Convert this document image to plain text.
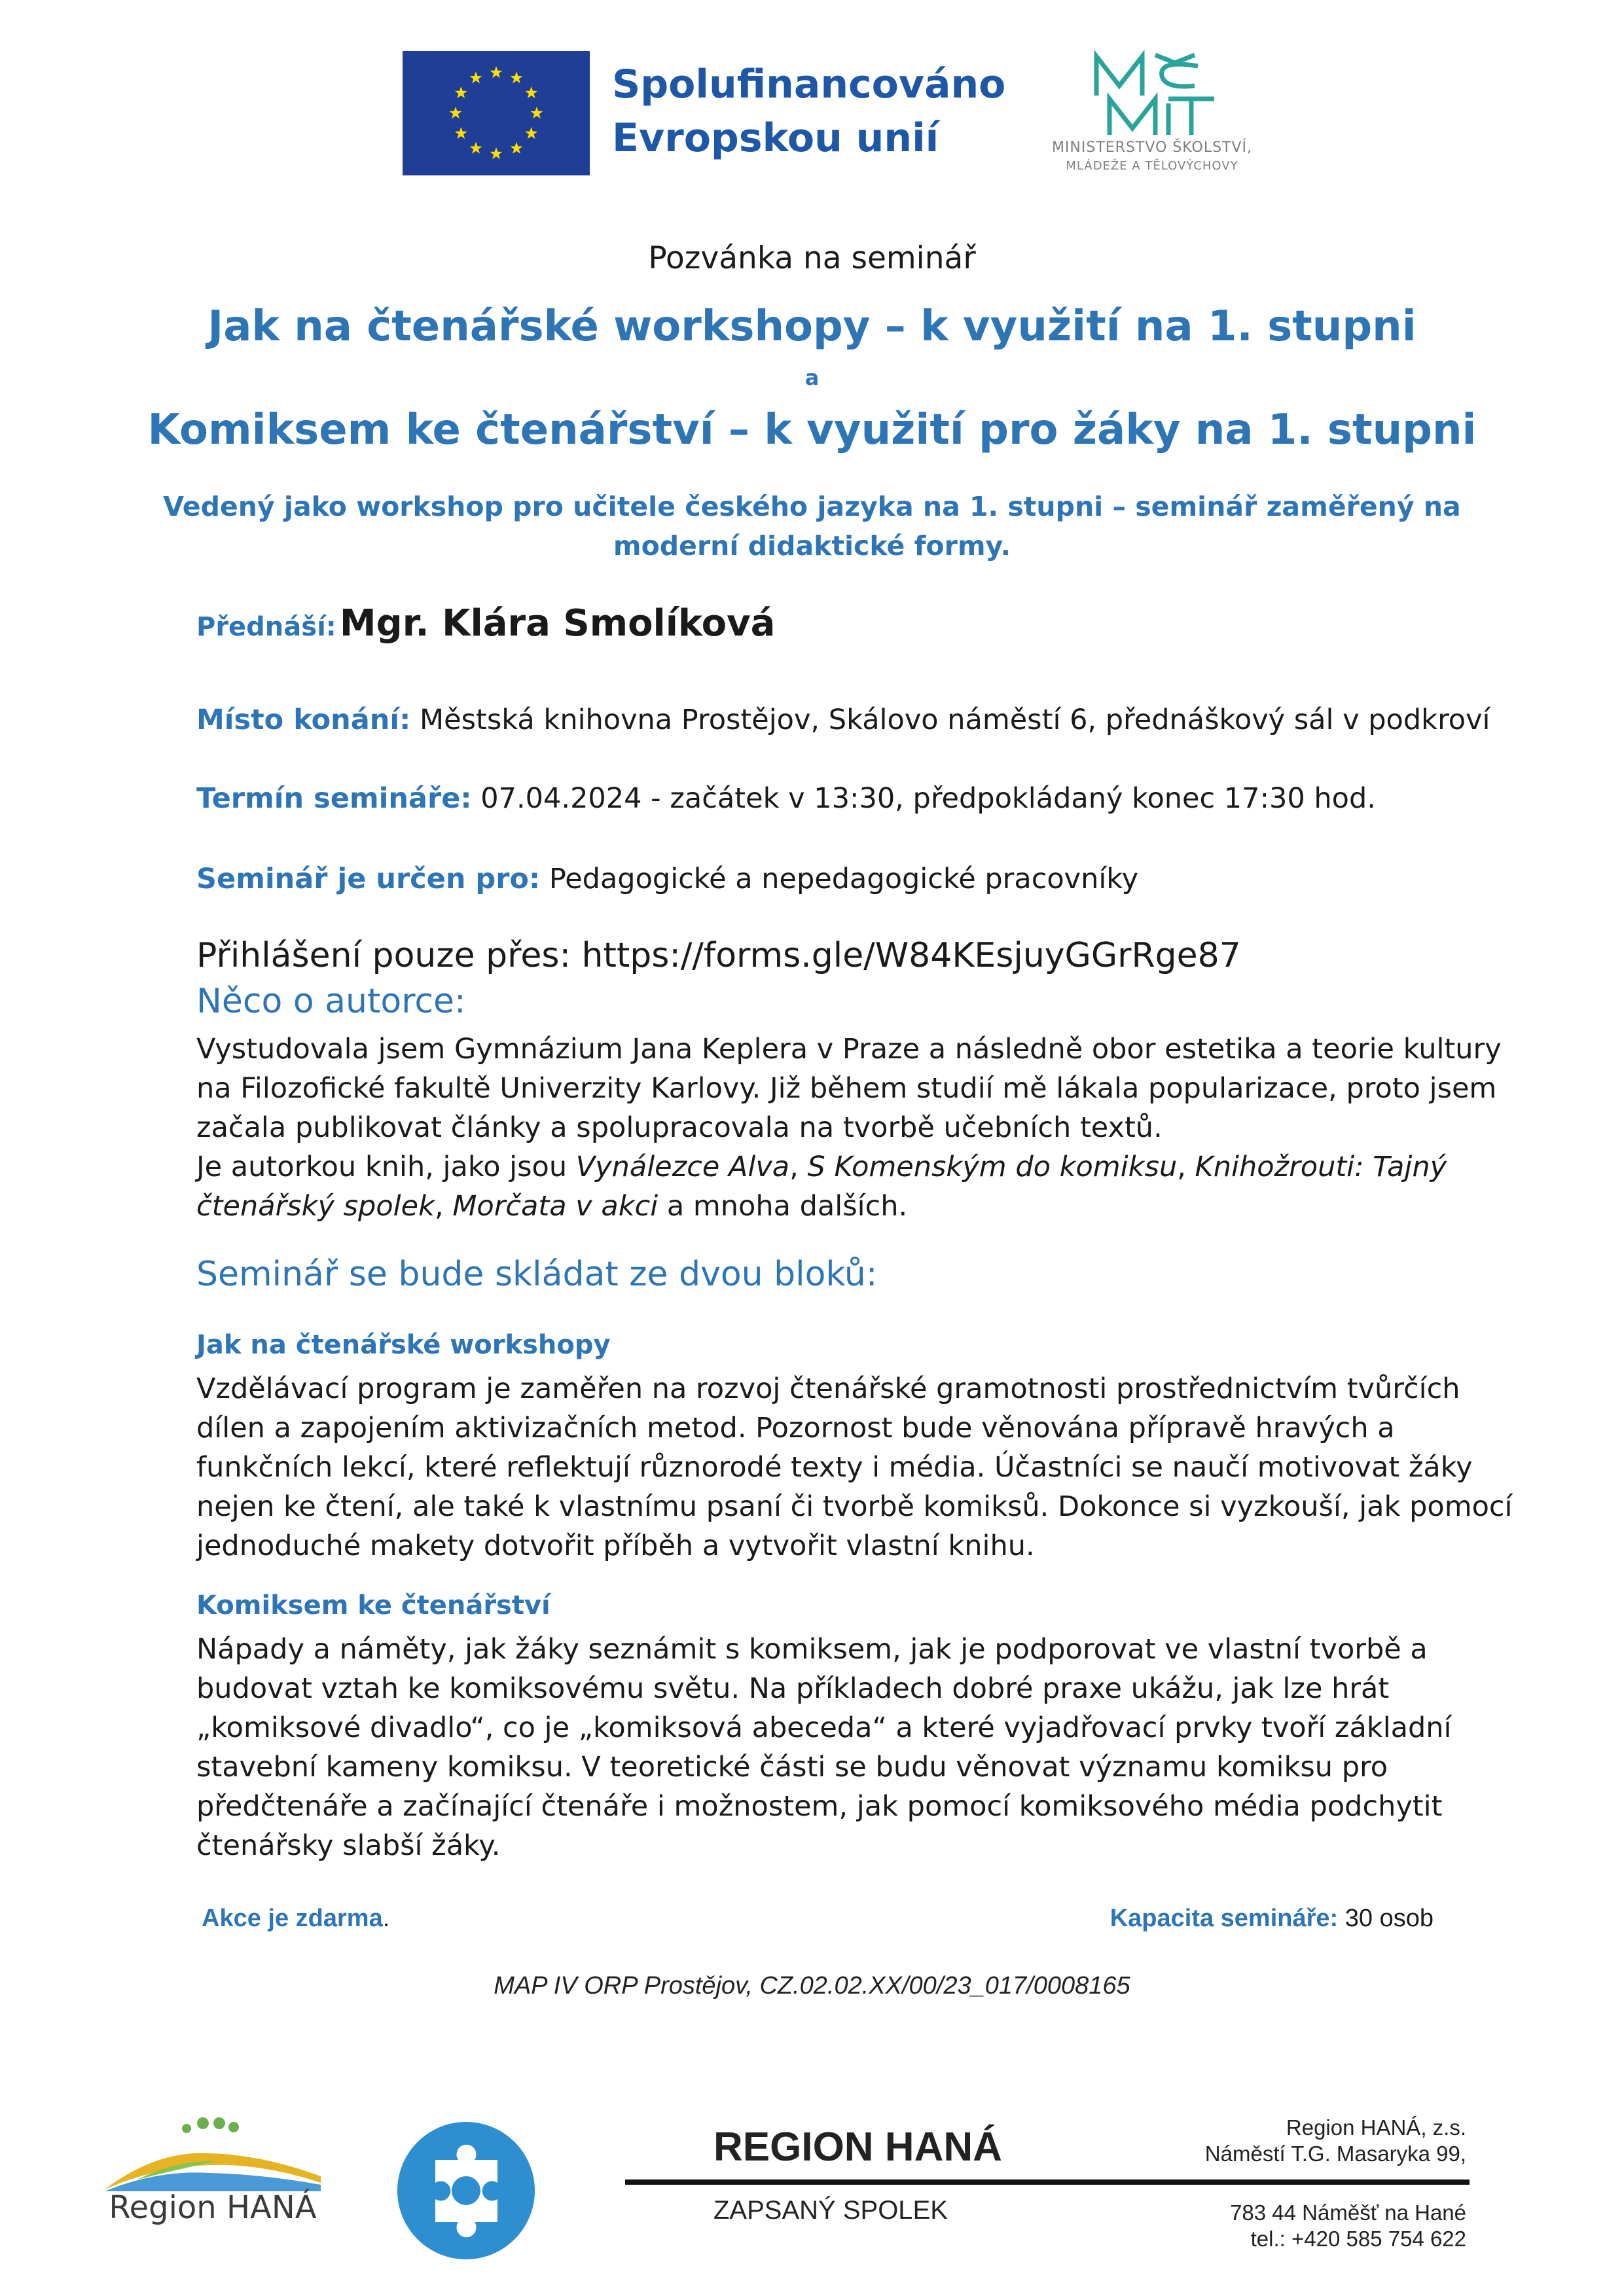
Spolufinancováno
Evropskou unií	MINISTERSTVO ŠKOLSTVÍ,
MLÁDEŽE A TĚLOVÝCHOVY
Pozvánka na seminář
Jak na čtenářské workshopy – k využití na 1. stupni
a
Komiksem ke čtenářství – k využití pro žáky na 1. stupni
Vedený jako workshop pro učitele českého jazyka na 1. stupni – seminář zaměřený na
moderní didaktické formy.
Přednáší: Mgr. Klára Smolíková
Místo konání: Městská knihovna Prostějov, Skálovo náměstí 6, přednáškový sál v podkroví
Termín semináře: 07.04.2024 - začátek v 13:30, předpokládaný konec 17:30 hod.
Seminář je určen pro: Pedagogické a nepedagogické pracovníky
Přihlášení pouze přes: https://forms.gle/W84KEsjuyGGrRge87
Něco o autorce:
Vystudovala jsem Gymnázium Jana Keplera v Praze a následně obor estetika a teorie kultury
na Filozofické fakultě Univerzity Karlovy. Již během studií mě lákala popularizace, proto jsem
začala publikovat články a spolupracovala na tvorbě učebních textů.
Je autorkou knih, jako jsou Vynálezce Alva, S Komenským do komiksu, Knihožrouti: Tajný
čtenářský spolek, Morčata v akci a mnoha dalších.
Seminář se bude skládat ze dvou bloků:
Jak na čtenářské workshopy
Vzdělávací program je zaměřen na rozvoj čtenářské gramotnosti prostřednictvím tvůrčích
dílen a zapojením aktivizačních metod. Pozornost bude věnována přípravě hravých a
funkčních lekcí, které reflektují různorodé texty i média. Účastníci se naučí motivovat žáky
nejen ke čtení, ale také k vlastnímu psaní či tvorbě komiksů. Dokonce si vyzkouší, jak pomocí
jednoduché makety dotvořit příběh a vytvořit vlastní knihu.
Komiksem ke čtenářství
Nápady a náměty, jak žáky seznámit s komiksem, jak je podporovat ve vlastní tvorbě a
budovat vztah ke komiksovému světu. Na příkladech dobré praxe ukážu, jak lze hrát
„komiksové divadlo“, co je „komiksová abeceda“ a které vyjadřovací prvky tvoří základní
stavební kameny komiksu. V teoretické části se budu věnovat významu komiksu pro
předčtenáře a začínající čtenáře i možnostem, jak pomocí komiksového média podchytit
čtenářsky slabší žáky.
Akce je zdarma.	Kapacita semináře: 30 osob
MAP IV ORP Prostějov, CZ.02.02.XX/00/23_017/0008165
Region HANÁ
REGION HANÁ
ZAPSANÝ SPOLEK
Region HANÁ, z.s.
Náměstí T.G. Masaryka 99,
783 44 Náměšť na Hané
tel.: +420 585 754 622
